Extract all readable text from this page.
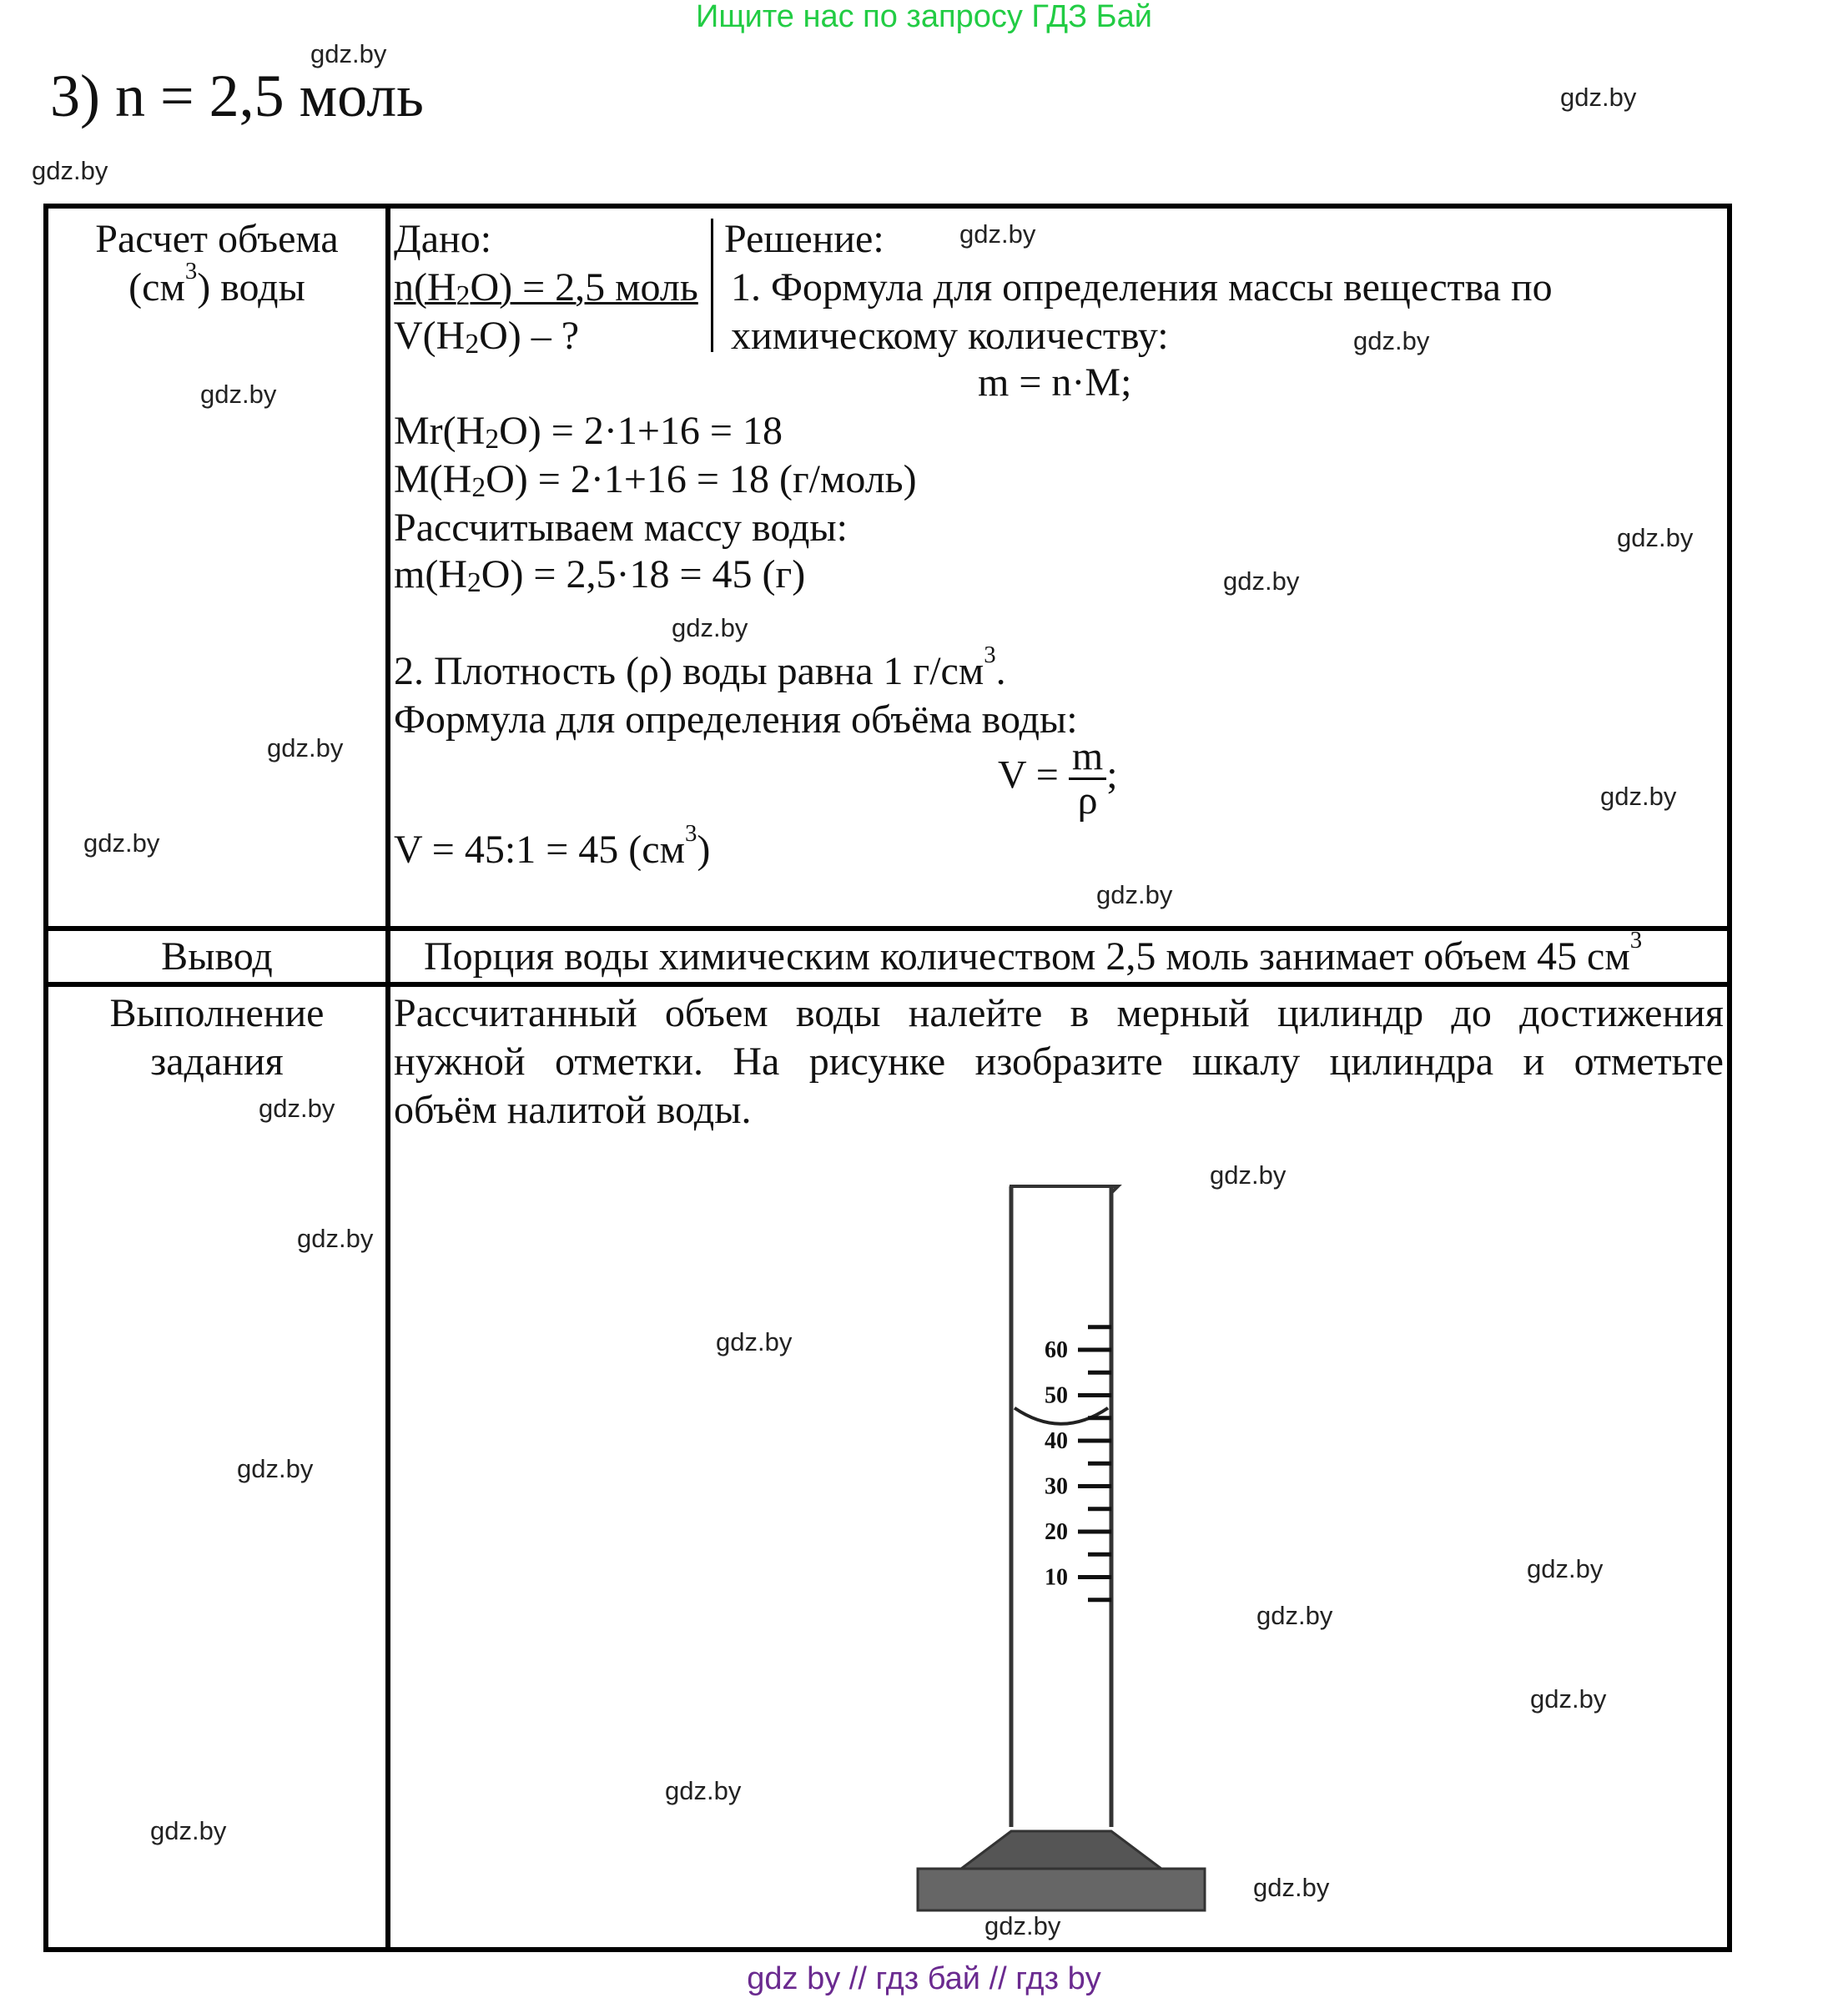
Ищите нас по запросу ГДЗ Бай
3) n = 2,5 моль
gdz.by
gdz.by
gdz.by
Расчет объема
$(см^3)$ воды
Дано:
$n(H_2O) = 2,5$ моль
$V(H_2O)$ – ?
Решение:
1. Формула для определения массы вещества по
химическому количеству:
m = n·M;
$Mr(H_2O) = 2\cdot 1+16 = 18$
$M(H_2O) = 2\cdot 1+16 = 18$ (г/моль)
Рассчитываем массу воды:
$m(H_2O) = 2,5\cdot 18 = 45$ (г)
2. Плотность (ρ) воды равна 1 $г/см^3$.
Формула для определения объёма воды:
$V = \frac{m}{\rho}$ ;
V = 45:1 = 45 $(см^3)$
Вывод	Порция воды химическим количеством 2,5 моль занимает объем 45 $см^3$
Выполнение
задания
Рассчитанный объем воды налейте в мерный цилиндр до достижения
нужной отметки. На рисунке изобразите шкалу цилиндра и отметьте
объём налитой воды.
60
50
40
30
20
10
gdz.by
gdz.by
gdz.by
gdz.by
gdz.by
gdz.by
gdz.by
gdz.by
gdz.by
gdz.by
gdz.by
gdz.by
gdz.by
gdz.by
gdz.by
gdz.by
gdz.by
gdz.by
gdz.by
gdz.by
gdz.by
gdz.by
gdz by // гдз бай // гдз by
